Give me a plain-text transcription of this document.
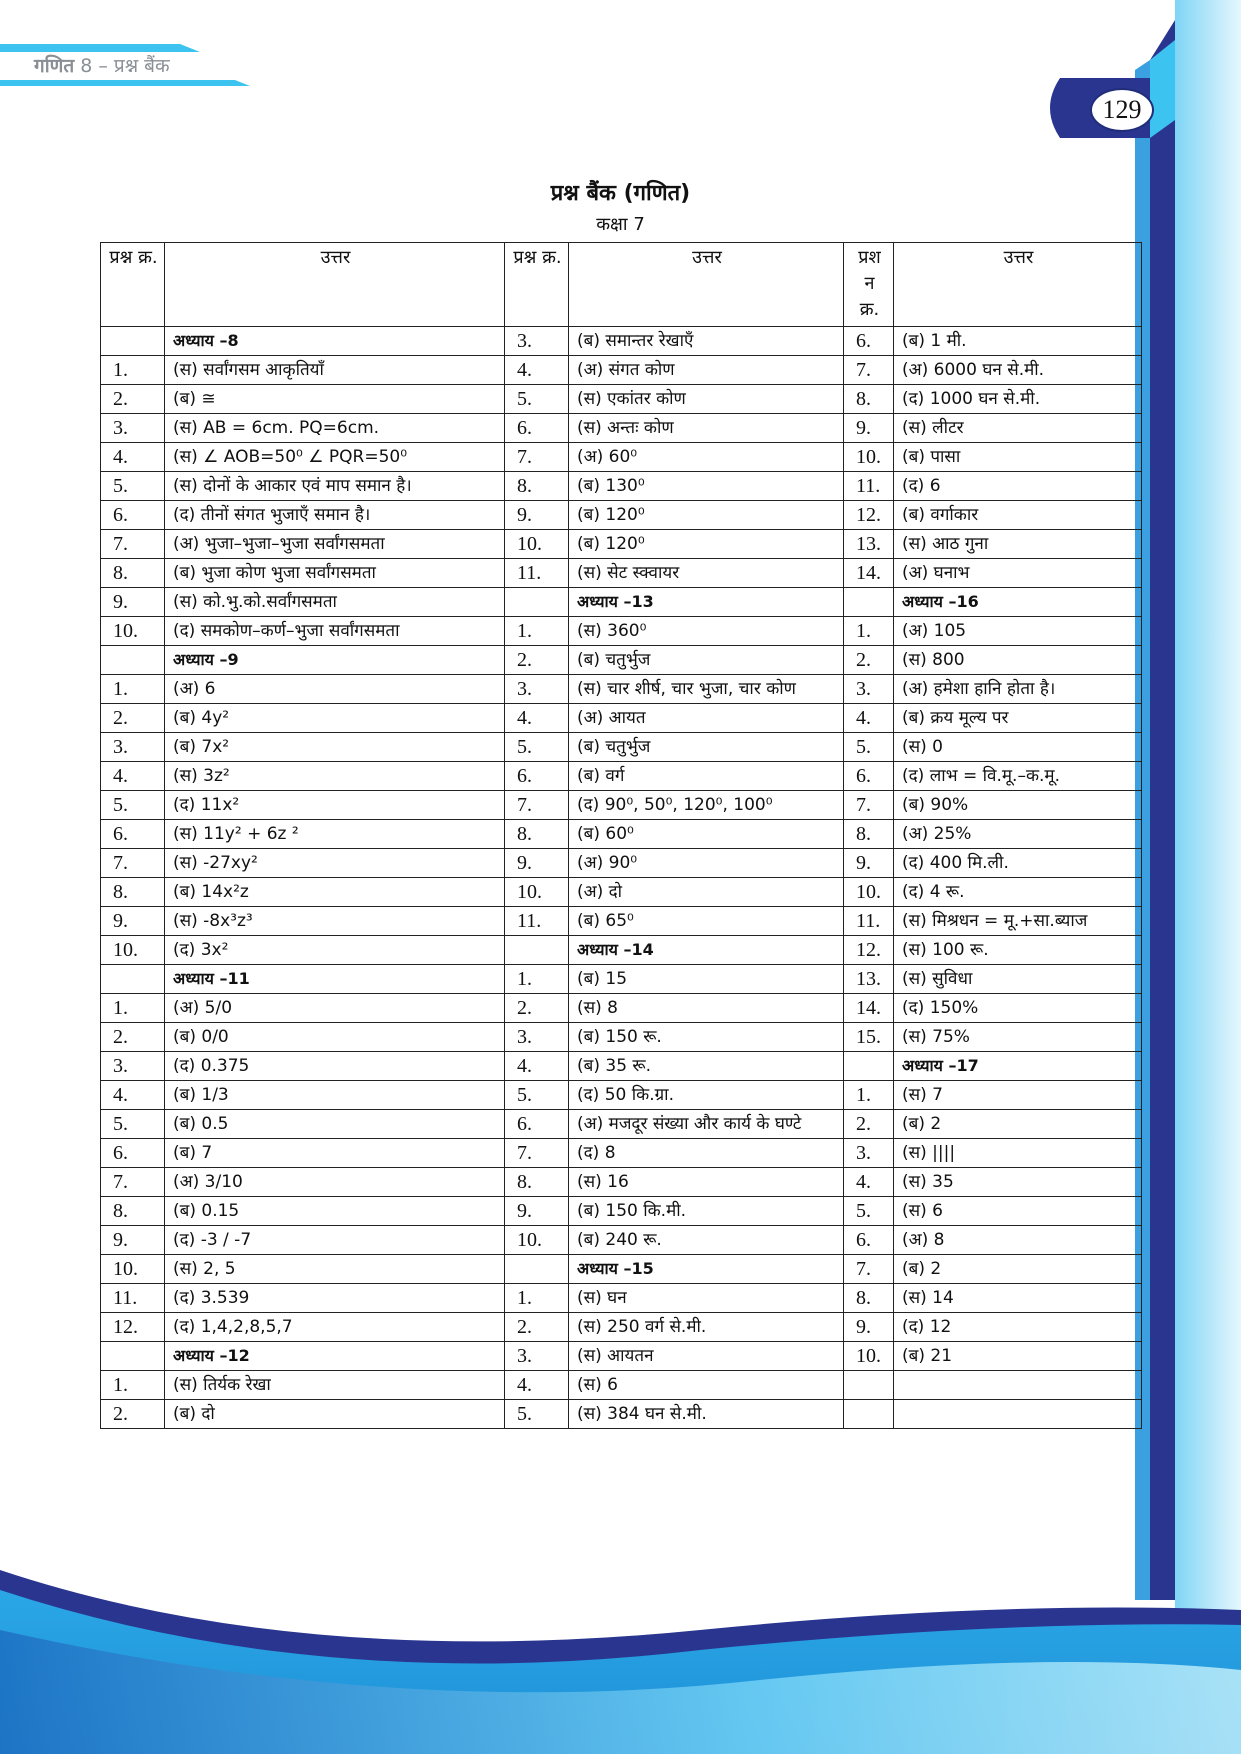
गणित 8 – प्रश्न बैंक
129
प्रश्न बैंक (गणित)
कक्षा 7
प्रश्न क्र.	उत्तर	प्रश्न क्र.	उत्तर	प्रश न क्र.	उत्तर
	अध्याय –8	3.	(ब) समान्तर रेखाऍं	6.	(ब) 1 मी.
1.	(स) सर्वांगसम आकृतियॉं	4.	(अ) संगत कोण	7.	(अ) 6000 घन से.मी.
2.	(ब) ≅	5.	(स) एकांतर कोण	8.	(द) 1000 घन से.मी.
3.	(स) AB = 6cm. PQ=6cm.	6.	(स) अन्तः कोण	9.	(स) लीटर
4.	(स) ∠ AOB=50⁰ ∠ PQR=50⁰	7.	(अ) 60⁰	10.	(ब) पासा
5.	(स) दोनों के आकार एवं माप समान है।	8.	(ब) 130⁰	11.	(द) 6
6.	(द) तीनों संगत भुजाऍं समान है।	9.	(ब) 120⁰	12.	(ब) वर्गाकार
7.	(अ) भुजा–भुजा–भुजा सर्वांगसमता	10.	(ब) 120⁰	13.	(स) आठ गुना
8.	(ब) भुजा कोण भुजा सर्वांगसमता	11.	(स) सेट स्क्वायर	14.	(अ) घनाभ
9.	(स) को.भु.को.सर्वांगसमता		अध्याय –13		अध्याय –16
10.	(द) समकोण–कर्ण–भुजा सर्वांगसमता	1.	(स) 360⁰	1.	(अ) 105
	अध्याय –9	2.	(ब) चतुर्भुज	2.	(स) 800
1.	(अ) 6	3.	(स) चार शीर्ष, चार भुजा, चार कोण	3.	(अ) हमेशा हानि होता है।
2.	(ब) 4y²	4.	(अ) आयत	4.	(ब) क्रय मूल्य पर
3.	(ब) 7x²	5.	(ब) चतुर्भुज	5.	(स) 0
4.	(स) 3z²	6.	(ब) वर्ग	6.	(द) लाभ = वि.मू.–क.मू.
5.	(द) 11x²	7.	(द) 90⁰, 50⁰, 120⁰, 100⁰	7.	(ब) 90%
6.	(स) 11y² + 6z ²	8.	(ब) 60⁰	8.	(अ) 25%
7.	(स) -27xy²	9.	(अ) 90⁰	9.	(द) 400 मि.ली.
8.	(ब) 14x²z	10.	(अ) दो	10.	(द) 4 रू.
9.	(स) -8x³z³	11.	(ब) 65⁰	11.	(स) मिश्रधन = मू.+सा.ब्याज
10.	(द) 3x²		अध्याय –14	12.	(स) 100 रू.
	अध्याय –11	1.	(ब) 15	13.	(स) सुविधा
1.	(अ) 5/0	2.	(स) 8	14.	(द) 150%
2.	(ब) 0/0	3.	(ब) 150 रू.	15.	(स) 75%
3.	(द) 0.375	4.	(ब) 35 रू.		अध्याय –17
4.	(ब) 1/3	5.	(द) 50 कि.ग्रा.	1.	(स) 7
5.	(ब) 0.5	6.	(अ) मजदूर संख्या और कार्य के घण्टे	2.	(ब) 2
6.	(ब) 7	7.	(द) 8	3.	(स) ||||
7.	(अ) 3/10	8.	(स) 16	4.	(स) 35
8.	(ब) 0.15	9.	(ब) 150 कि.मी.	5.	(स) 6
9.	(द) -3 / -7	10.	(ब) 240 रू.	6.	(अ) 8
10.	(स) 2, 5		अध्याय –15	7.	(ब) 2
11.	(द) 3.539	1.	(स) घन	8.	(स) 14
12.	(द) 1,4,2,8,5,7	2.	(स) 250 वर्ग से.मी.	9.	(द) 12
	अध्याय –12	3.	(स) आयतन	10.	(ब) 21
1.	(स) तिर्यक रेखा	4.	(स) 6		
2.	(ब) दो	5.	(स) 384 घन से.मी.		
